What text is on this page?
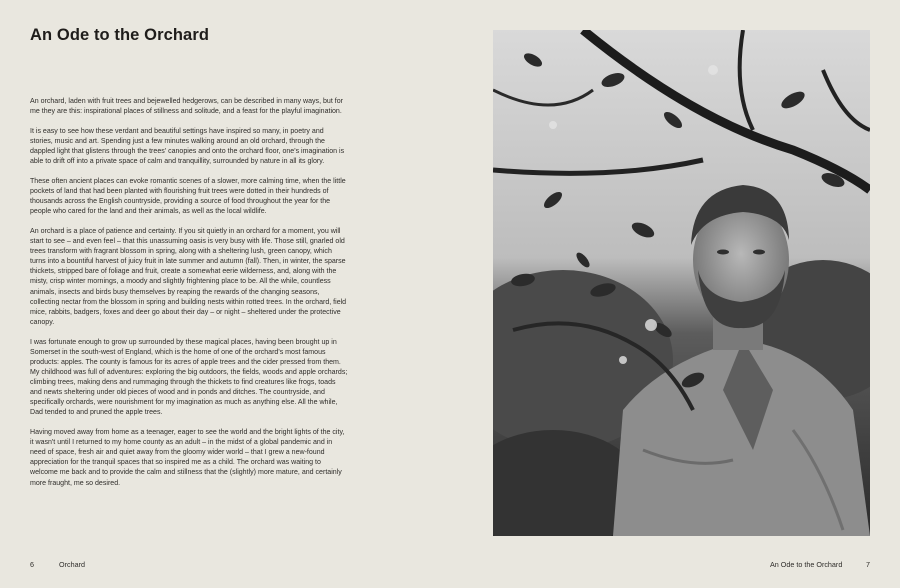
An Ode to the Orchard

An orchard, laden with fruit trees and bejewelled hedgerows, can be described in many ways, but for me they are this: inspirational places of stillness and solitude, and a feast for the playful imagination.

It is easy to see how these verdant and beautiful settings have inspired so many, in poetry and stories, music and art. Spending just a few minutes walking around an old orchard, through the dappled light that glistens through the trees' canopies and onto the orchard floor, one's imagination is able to drift off into a private space of calm and tranquillity, surrounded by nature in all its glory.

These often ancient places can evoke romantic scenes of a slower, more calming time, when the little pockets of land that had been planted with flourishing fruit trees were dotted in their hundreds of thousands across the English countryside, providing a source of food throughout the year for the people who cared for the land and their animals, as well as the local wildlife.

An orchard is a place of patience and certainty. If you sit quietly in an orchard for a moment, you will start to see – and even feel – that this unassuming oasis is very busy with life. Those still, gnarled old trees transform with fragrant blossom in spring, along with a sheltering lush, green canopy, which turns into a bountiful harvest of juicy fruit in late summer and autumn (fall). Then, in winter, the sparse thickets, stripped bare of foliage and fruit, create a somewhat eerie wilderness, and, along with the misty, crisp winter mornings, a moody and slightly frightening place to be. All the while, countless animals, insects and birds busy themselves by reaping the rewards of the changing seasons, collecting nectar from the blossom in spring and building nests within rotted trees. In the orchard, field mice, rabbits, badgers, foxes and deer go about their day – or night – sheltered under the protective canopy.

I was fortunate enough to grow up surrounded by these magical places, having been brought up in Somerset in the south-west of England, which is the home of one of the orchard's most famous products: apples. The county is famous for its acres of apple trees and the cider pressed from them. My childhood was full of adventures: exploring the big outdoors, the fields, woods and apple orchards; climbing trees, making dens and rummaging through the thickets to find creatures like frogs, toads and newts sheltering under old pieces of wood and in ponds and ditches. The countryside, and specifically orchards, were nourishment for my imagination as much as anything else. All the while, Dad tended to and pruned the apple trees.

Having moved away from home as a teenager, eager to see the world and the bright lights of the city, it wasn't until I returned to my home county as an adult – in the midst of a global pandemic and in need of space, fresh air and quiet away from the gloomy wider world – that I grew a new-found appreciation for the tranquil spaces that so inspired me as a child. The orchard was waiting to welcome me back and to provide the calm and stillness that the (slightly) more mature, and certainly more fraught, me so desired.

6	Orchard	An Ode to the Orchard	7
